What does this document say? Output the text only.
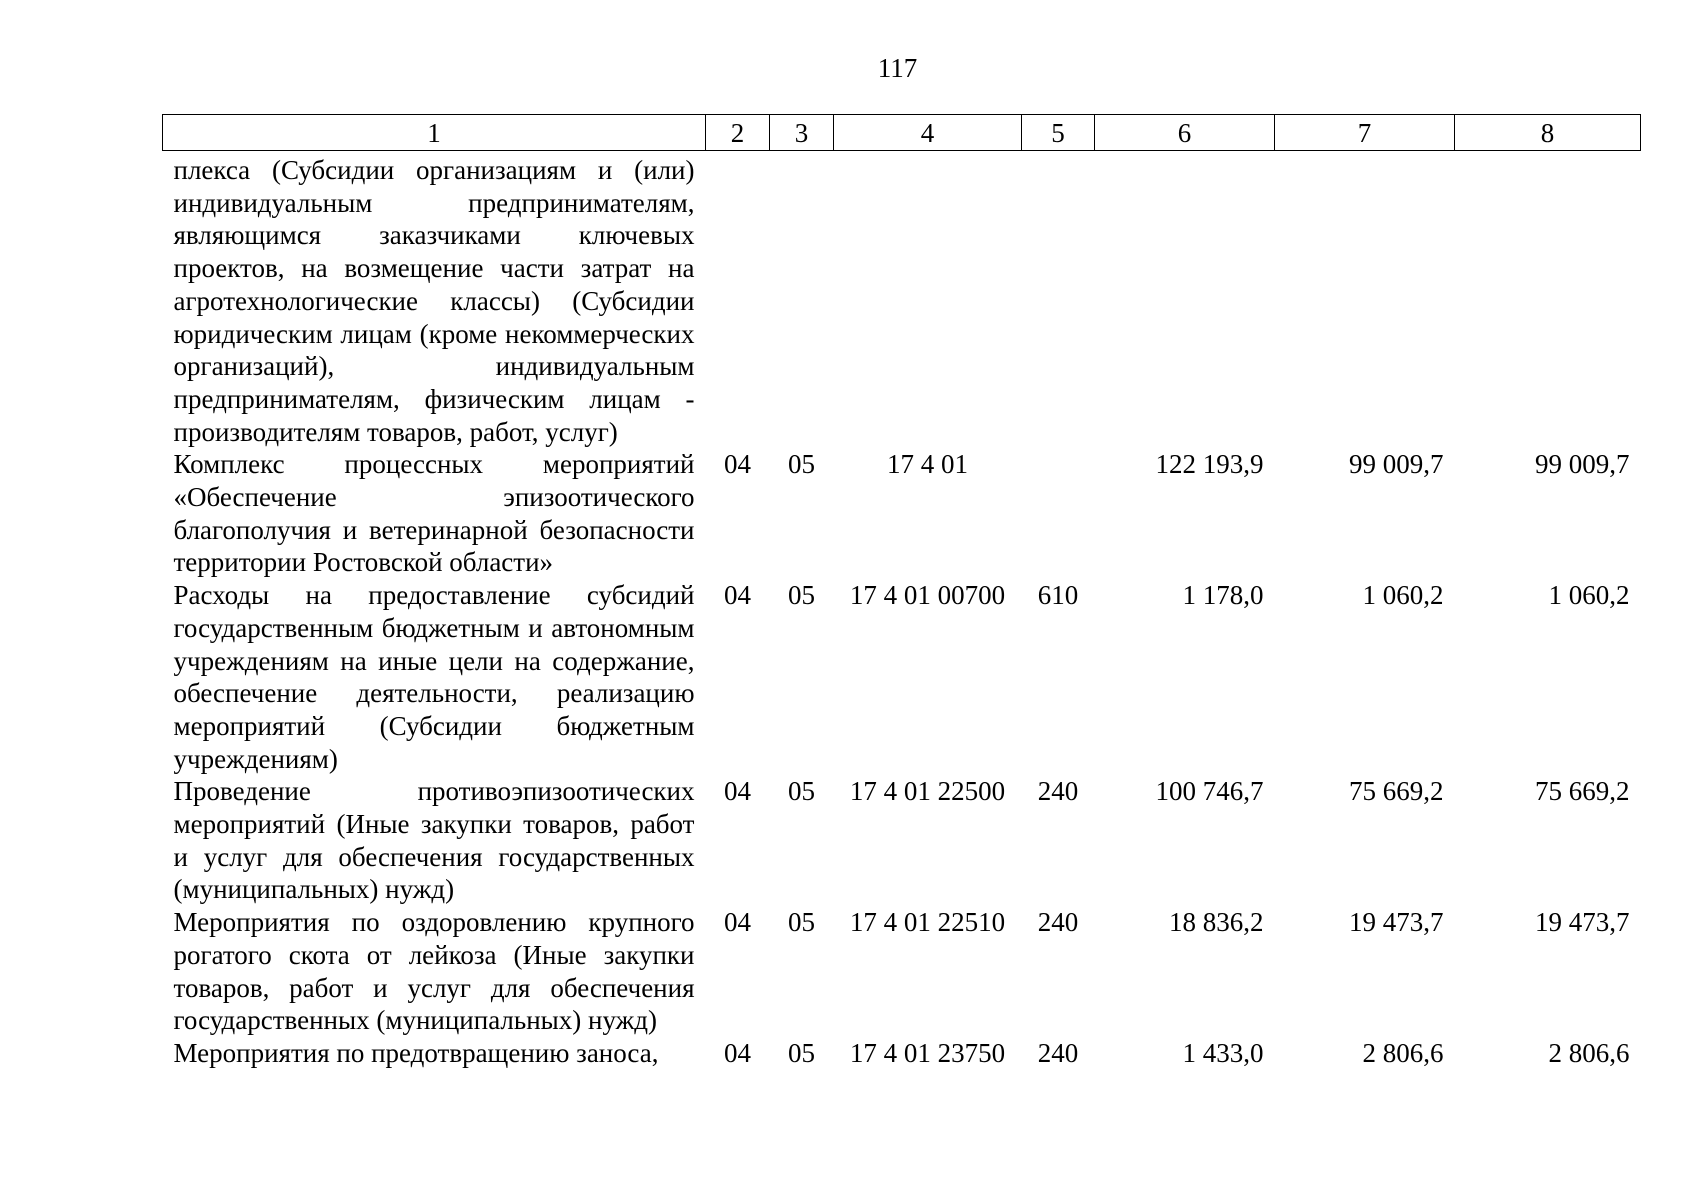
117
1	2	3	4	5	6	7	8
плекса (Субсидии организациям и (или) индивидуальным предпринимателям, являющимся заказчиками ключевых проектов, на возмещение части затрат на агротехнологические классы) (Субсидии юридическим лицам (кроме некоммерческих организаций), индивидуальным предпринимателям, физическим лицам - производителям товаров, работ, услуг)							
Комплекс процессных мероприятий «Обеспечение эпизоотического благополучия и ветеринарной безопасности территории Ростовской области»	04	05	17 4 01		122 193,9	99 009,7	99 009,7
Расходы на предоставление субсидий государственным бюджетным и автономным учреждениям на иные цели на содержание, обеспечение деятельности, реализацию мероприятий (Субсидии бюджетным учреждениям)	04	05	17 4 01 00700	610	1 178,0	1 060,2	1 060,2
Проведение противоэпизоотических мероприятий (Иные закупки товаров, работ и услуг для обеспечения государственных (муниципальных) нужд)	04	05	17 4 01 22500	240	100 746,7	75 669,2	75 669,2
Мероприятия по оздоровлению крупного рогатого скота от лейкоза (Иные закупки товаров, работ и услуг для обеспечения государственных (муниципальных) нужд)	04	05	17 4 01 22510	240	18 836,2	19 473,7	19 473,7
Мероприятия по предотвращению заноса,	04	05	17 4 01 23750	240	1 433,0	2 806,6	2 806,6
